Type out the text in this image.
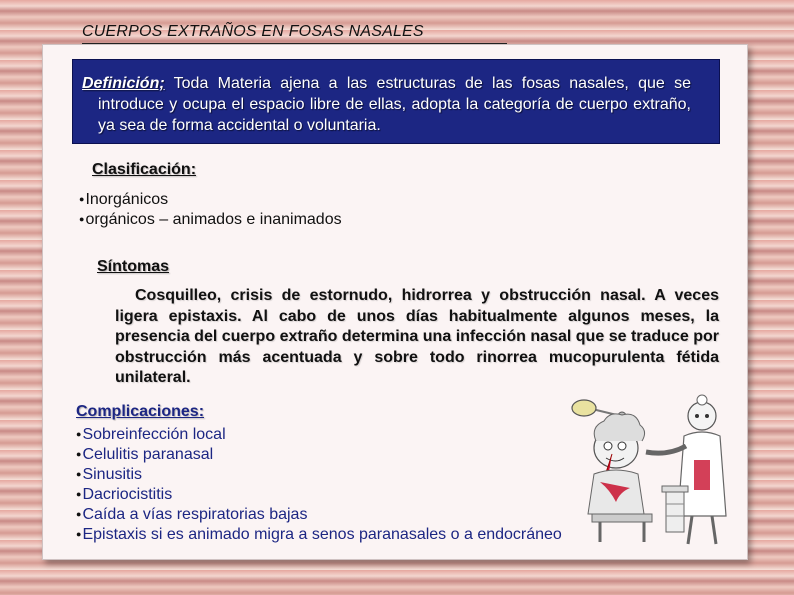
CUERPOS EXTRAÑOS EN FOSAS NASALES

Definición; Toda Materia ajena a las estructuras de las fosas nasales, que se introduce y ocupa el espacio libre de ellas, adopta la categoría de cuerpo extraño, ya sea de forma accidental o voluntaria.

Clasificación:
●Inorgánicos
●orgánicos – animados e inanimados
Síntomas
Cosquilleo, crisis de estornudo, hidrorrea y obstrucción nasal. A veces ligera epistaxis. Al cabo de unos días habitualmente algunos meses, la presencia del cuerpo extraño determina una infección nasal que se traduce por obstrucción más acentuada y sobre todo rinorrea mucopurulenta fétida unilateral.
Complicaciones:
●Sobreinfección local
●Celulitis paranasal
●Sinusitis
●Dacriocistitis
●Caída a vías respiratorias bajas
●Epistaxis si es animado migra a senos paranasales o a endocráneo
